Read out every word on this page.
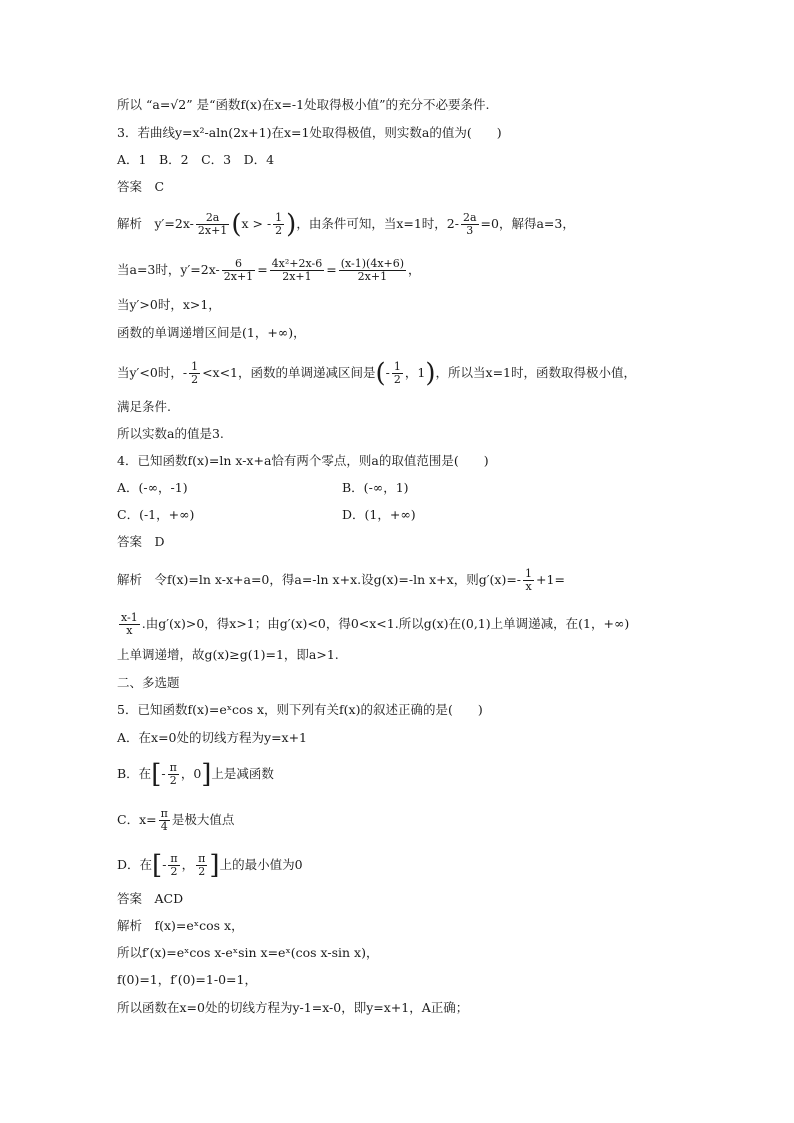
所以 “a=√2” 是“函数f(x)在x=-1处取得极小值”的充分不必要条件.
3．若曲线y=x²-aln(2x+1)在x=1处取得极值，则实数a的值为(　　)
A．1　B．2　C．3　D．4
答案　C
解析　$y'=2x- \frac{2a}{2x+1} (x$ > - $\frac{1}{2}$ )，由条件可知，当x=1时，$2- \frac{2a}{3} =0$，解得a=3，
当a=3时，$y'=2x- \frac{6}{2x+1} = \frac{\text{4x²+2x-6}}{2x+1} = \frac{(x-1)(4x+6)}{2x+1}$ ，
当y′>0时，x>1，
函数的单调递增区间是(1，+∞)，
当y′<0时，- $\frac{1}{2} <x<1$，函数的单调递减区间是(- $\frac{1}{2}$ ，1)，所以当x=1时，函数取得极小值，
满足条件.
所以实数a的值是3.
4．已知函数f(x)=ln x-x+a恰有两个零点，则a的取值范围是(　　)
A．(-∞，-1)	B．(-∞，1)
C．(-1，+∞)	D．(1，+∞)
答案　D
解析　令f(x)=ln x-x+a=0，得a=-ln x+x.设g(x)=-ln x+x，则$g'(x)=- \frac{1}{x} +1=$
$\frac{x-1}{x}$ .由g′(x)>0，得x>1；由g′(x)<0，得0<x<1.所以g(x)在(0,1)上单调递减，在(1，+∞)
上单调递增，故g(x)≥g(1)=1，即a>1.
二、多选题
5．已知函数f(x)=eˣcos x，则下列有关f(x)的叙述正确的是(　　)
A．在x=0处的切线方程为y=x+1
B．在[- $\frac{\pi}{2}$ ，0]上是减函数
C．$x= \frac{\pi}{4}$ 是极大值点
D．在[- $\frac{\pi}{2}$ ， $\frac{\pi}{2}$ ]上的最小值为0
答案　ACD
解析　f(x)=eˣcos x，
所以f′(x)=eˣcos x-eˣsin x=eˣ(cos x-sin x)，
f(0)=1，f′(0)=1-0=1，
所以函数在x=0处的切线方程为y-1=x-0，即y=x+1，A正确；
